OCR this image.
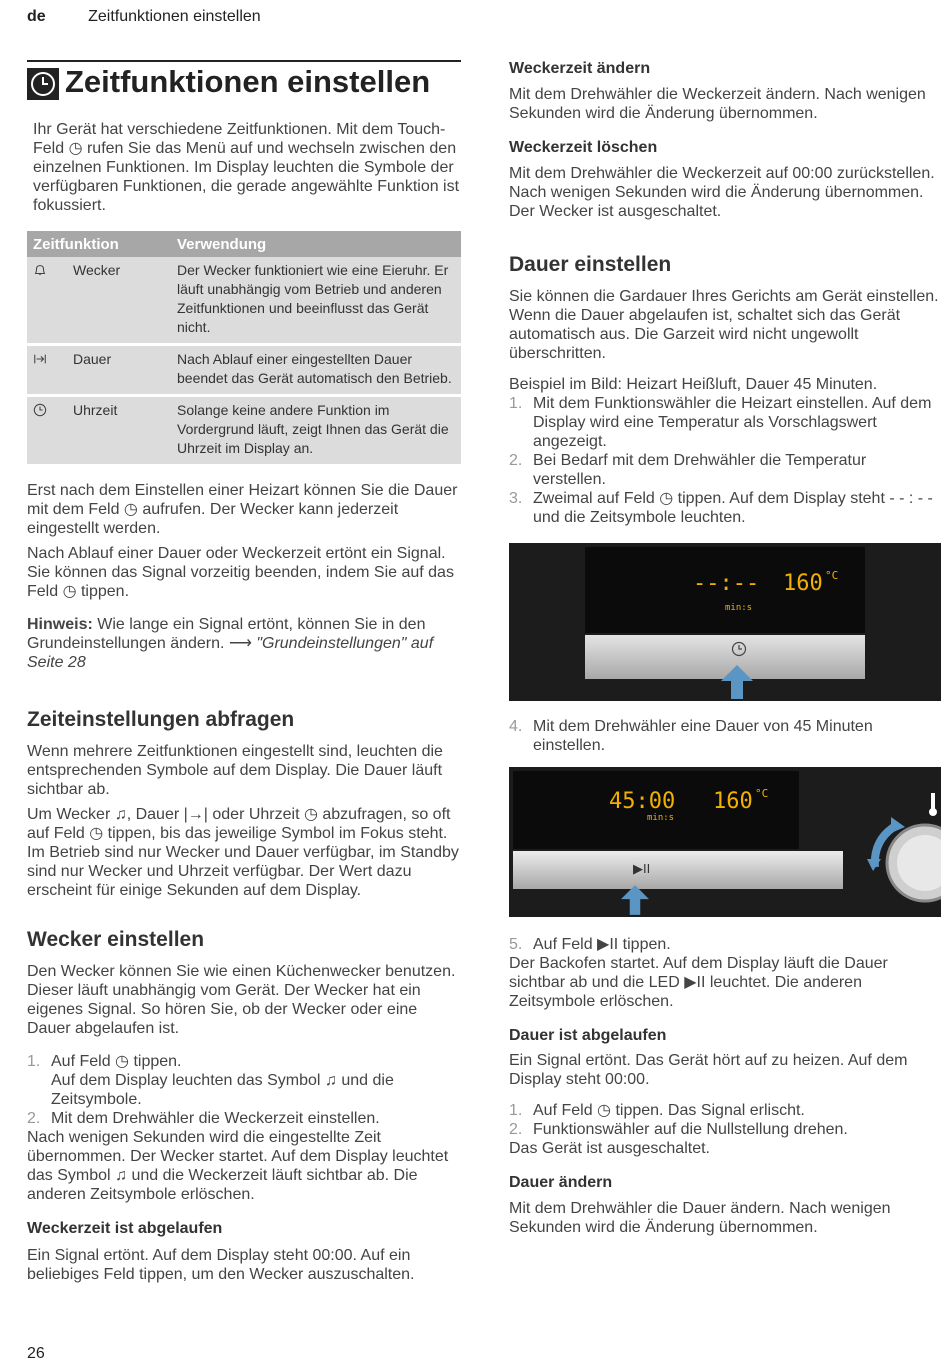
de	Zeitfunktionen einstellen
Zeitfunktionen einstellen

Ihr Gerät hat verschiedene Zeitfunktionen. Mit dem Touch-Feld ◷ rufen Sie das Menü auf und wechseln zwischen den einzelnen Funktionen. Im Display leuchten die Symbole der verfügbaren Funktionen, die gerade angewählte Funktion ist fokussiert.

Zeitfunktion		Verwendung
	Wecker	Der Wecker funktioniert wie eine Eieruhr. Er läuft unabhängig vom Betrieb und anderen Zeitfunktionen und beeinflusst das Gerät nicht.
	Dauer	Nach Ablauf einer eingestellten Dauer beendet das Gerät automatisch den Betrieb.
	Uhrzeit	Solange keine andere Funktion im Vordergrund läuft, zeigt Ihnen das Gerät die Uhrzeit im Display an.

Erst nach dem Einstellen einer Heizart können Sie die Dauer mit dem Feld ◷ aufrufen. Der Wecker kann jederzeit eingestellt werden.

Nach Ablauf einer Dauer oder Weckerzeit ertönt ein Signal. Sie können das Signal vorzeitig beenden, indem Sie auf das Feld ◷ tippen.

Hinweis: Wie lange ein Signal ertönt, können Sie in den Grundeinstellungen ändern. ⟶ "Grundeinstellungen" auf Seite 28

Zeiteinstellungen abfragen

Wenn mehrere Zeitfunktionen eingestellt sind, leuchten die entsprechenden Symbole auf dem Display. Die Dauer läuft sichtbar ab.

Um Wecker ♫, Dauer |→| oder Uhrzeit ◷ abzufragen, so oft auf Feld ◷ tippen, bis das jeweilige Symbol im Fokus steht. Im Betrieb sind nur Wecker und Dauer verfügbar, im Standby sind nur Wecker und Uhrzeit verfügbar. Der Wert dazu erscheint für einige Sekunden auf dem Display.

Wecker einstellen

Den Wecker können Sie wie einen Küchenwecker benutzen. Dieser läuft unabhängig vom Gerät. Der Wecker hat ein eigenes Signal. So hören Sie, ob der Wecker oder eine Dauer abgelaufen ist.

1. Auf Feld ◷ tippen.
Auf dem Display leuchten das Symbol ♫ und die Zeitsymbole.
2. Mit dem Drehwähler die Weckerzeit einstellen.

Nach wenigen Sekunden wird die eingestellte Zeit übernommen. Der Wecker startet. Auf dem Display leuchtet das Symbol ♫ und die Weckerzeit läuft sichtbar ab. Die anderen Zeitsymbole erlöschen.

Weckerzeit ist abgelaufen

Ein Signal ertönt. Auf dem Display steht 00:00. Auf ein beliebiges Feld tippen, um den Wecker auszuschalten.

Weckerzeit ändern

Mit dem Drehwähler die Weckerzeit ändern. Nach wenigen Sekunden wird die Änderung übernommen.

Weckerzeit löschen

Mit dem Drehwähler die Weckerzeit auf 00:00 zurückstellen. Nach wenigen Sekunden wird die Änderung übernommen. Der Wecker ist ausgeschaltet.

Dauer einstellen

Sie können die Gardauer Ihres Gerichts am Gerät einstellen. Wenn die Dauer abgelaufen ist, schaltet sich das Gerät automatisch aus. Die Garzeit wird nicht ungewollt überschritten.

Beispiel im Bild: Heizart Heißluft, Dauer 45 Minuten.

1. Mit dem Funktionswähler die Heizart einstellen. Auf dem Display wird eine Temperatur als Vorschlagswert angezeigt.
2. Bei Bedarf mit dem Drehwähler die Temperatur verstellen.
3. Zweimal auf Feld ◷ tippen. Auf dem Display steht - - : - - und die Zeitsymbole leuchten.
--:-- 160 °C
min:s
4. Mit dem Drehwähler eine Dauer von 45 Minuten einstellen.
45:00 160 °C
min:s
▶II
5. Auf Feld ▶II tippen.

Der Backofen startet. Auf dem Display läuft die Dauer sichtbar ab und die LED ▶II leuchtet. Die anderen Zeitsymbole erlöschen.

Dauer ist abgelaufen

Ein Signal ertönt. Das Gerät hört auf zu heizen. Auf dem Display steht 00:00.

1. Auf Feld ◷ tippen. Das Signal erlischt.
2. Funktionswähler auf die Nullstellung drehen.

Das Gerät ist ausgeschaltet.

Dauer ändern

Mit dem Drehwähler die Dauer ändern. Nach wenigen Sekunden wird die Änderung übernommen.

26
